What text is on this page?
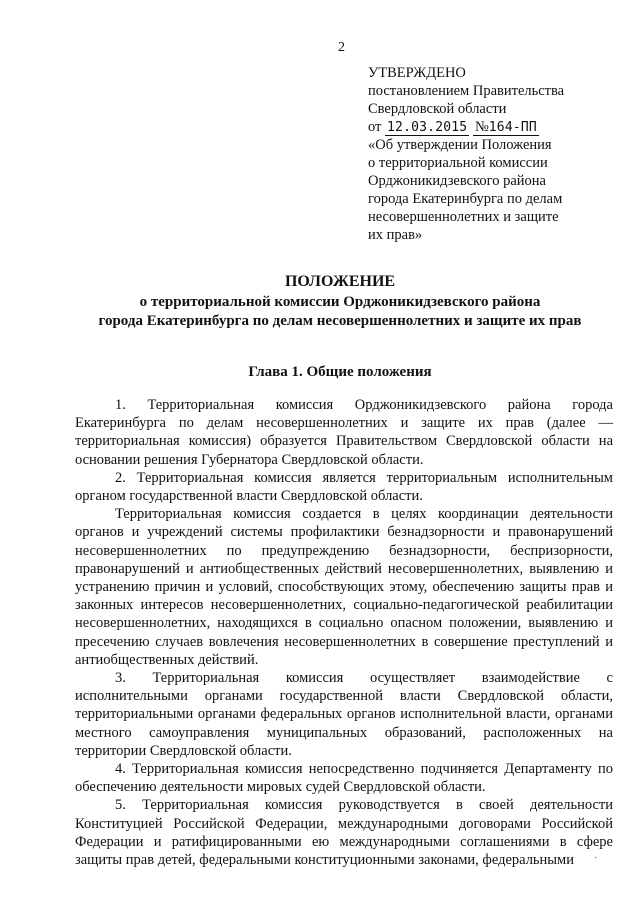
2
УТВЕРЖДЕНО
постановлением Правительства
Свердловской области
от 12.03.2015 №164-ПП
«Об утверждении Положения
о территориальной комиссии
Орджоникидзевского района
города Екатеринбурга по делам
несовершеннолетних и защите
их прав»
ПОЛОЖЕНИЕ
о территориальной комиссии Орджоникидзевского района
города Екатеринбурга по делам несовершеннолетних и защите их прав
Глава 1. Общие положения

1. Территориальная комиссия Орджоникидзевского района города Екатеринбурга по делам несовершеннолетних и защите их прав (далее — территориальная комиссия) образуется Правительством Свердловской области на основании решения Губернатора Свердловской области.

2. Территориальная комиссия является территориальным исполнительным органом государственной власти Свердловской области.

Территориальная комиссия создается в целях координации деятельности органов и учреждений системы профилактики безнадзорности и правонарушений несовершеннолетних по предупреждению безнадзорности, беспризорности, правонарушений и антиобщественных действий несовершеннолетних, выявлению и устранению причин и условий, способствующих этому, обеспечению защиты прав и законных интересов несовершеннолетних, социально-педагогической реабилитации несовершеннолетних, находящихся в социально опасном положении, выявлению и пресечению случаев вовлечения несовершеннолетних в совершение преступлений и антиобщественных действий.

3. Территориальная комиссия осуществляет взаимодействие с исполнительными органами государственной власти Свердловской области, территориальными органами федеральных органов исполнительной власти, органами местного самоуправления муниципальных образований, расположенных на территории Свердловской области.

4. Территориальная комиссия непосредственно подчиняется Департаменту по обеспечению деятельности мировых судей Свердловской области.

5. Территориальная комиссия руководствуется в своей деятельности Конституцией Российской Федерации, международными договорами Российской Федерации и ратифицированными ею международными соглашениями в сфере защиты прав детей, федеральными конституционными законами, федеральными	·
